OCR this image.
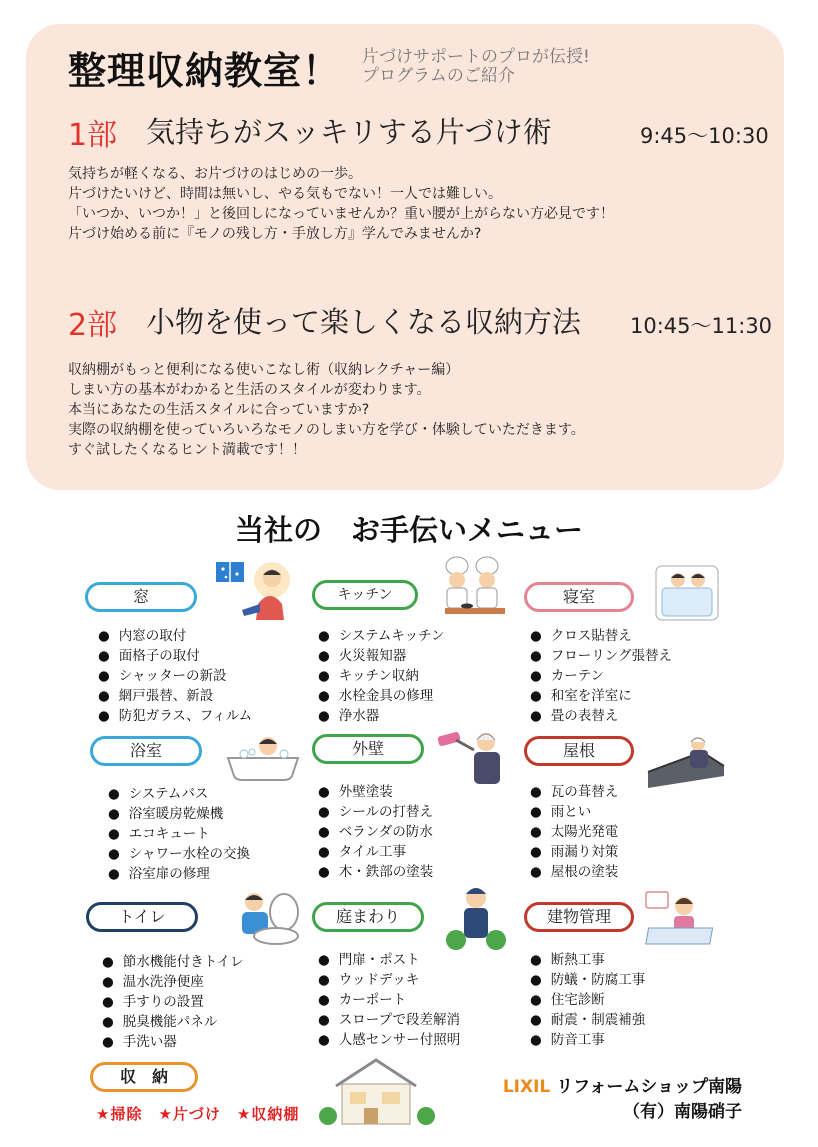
整理収納教室！ 片づけサポートのプロが伝授!
プログラムのご紹介
1部 気持ちがスッキリする片づけ術	9:45～10:30
気持ちが軽くなる、お片づけのはじめの一歩。
片づけたいけど、時間は無いし、やる気もでない！一人では難しい。
「いつか、いつか！」と後回しになっていませんか？重い腰が上がらない方必見です！
片づけ始める前に『モノの残し方・手放し方』学んでみませんか?
2部 小物を使って楽しくなる収納方法 10:45～11:30
収納棚がもっと便利になる使いこなし術（収納レクチャー編）
しまい方の基本がわかると生活のスタイルが変わります。
本当にあなたの生活スタイルに合っていますか?
実際の収納棚を使っていろいろなモノのしまい方を学び・体験していただきます。
すぐ試したくなるヒント満載です！！
当社の　お手伝いメニュー
窓	キッチン	寝室
● 内窓の取付
● 面格子の取付
● シャッターの新設
● 網戸張替、新設
● 防犯ガラス、フィルム
● システムキッチン
● 火災報知器
● キッチン収納
● 水栓金具の修理
● 浄水器
● クロス貼替え
● フローリング張替え
● カーテン
● 和室を洋室に
● 畳の表替え
浴室	外壁	屋根
● システムバス
● 浴室暖房乾燥機
● エコキュート
● シャワー水栓の交換
● 浴室扉の修理
● 外壁塗装
● シールの打替え
● ベランダの防水
● タイル工事
● 木・鉄部の塗装
● 瓦の葺替え
● 雨とい
● 太陽光発電
● 雨漏り対策
● 屋根の塗装
トイレ	庭まわり	建物管理
● 節水機能付きトイレ
● 温水洗浄便座
● 手すりの設置
● 脱臭機能パネル
● 手洗い器
● 門扉・ポスト
● ウッドデッキ
● カーポート
● スロープで段差解消
● 人感センサー付照明
● 断熱工事
● 防蟻・防腐工事
● 住宅診断
● 耐震・制震補強
● 防音工事
収　納
★掃除　★片づけ　★収納棚
LIXIL リフォームショップ南陽
（有）南陽硝子
